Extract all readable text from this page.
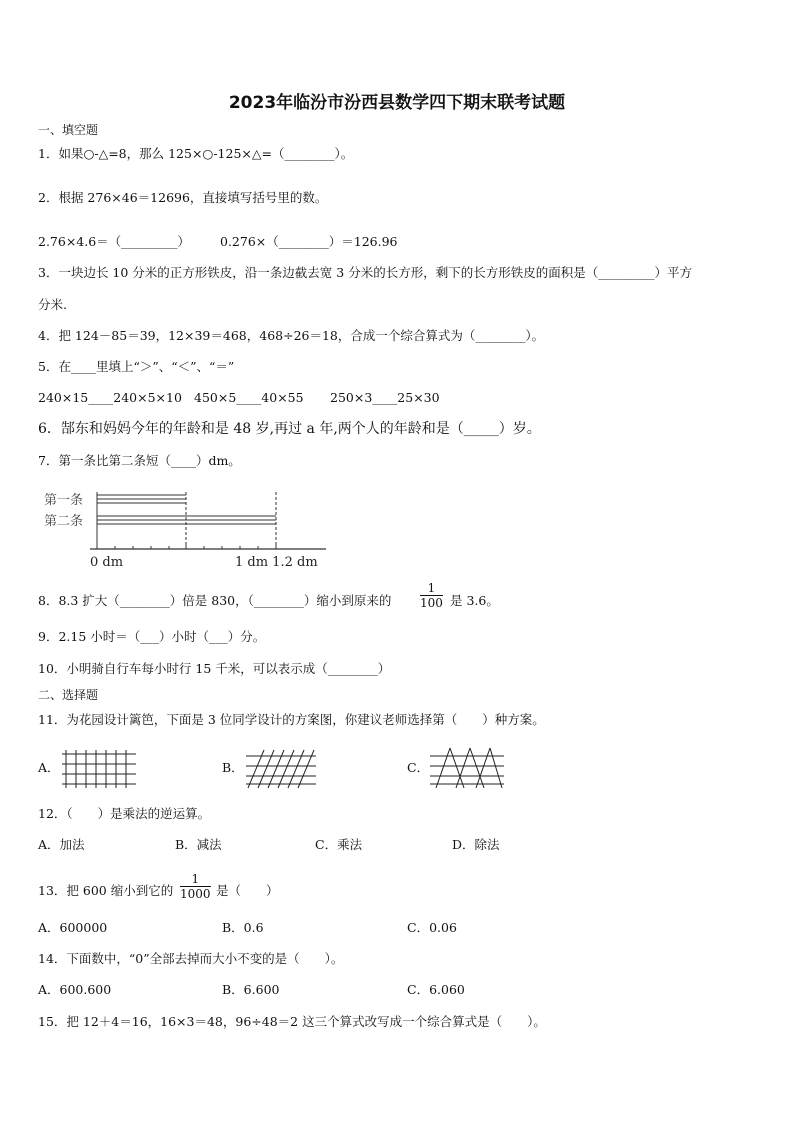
2023年临汾市汾西县数学四下期末联考试题
一、填空题
1．如果○-△=8，那么 125×○-125×△=（________）。
2．根据 276×46＝12696，直接填写括号里的数。
2.76×4.6＝（_________） 0.276×（________）＝126.96
3．一块边长 10 分米的正方形铁皮，沿一条边截去宽 3 分米的长方形，剩下的长方形铁皮的面积是（_________）平方
分米.
4．把 124－85＝39，12×39＝468，468÷26＝18，合成一个综合算式为（________）。
5．在____里填上“＞”、“＜”、“＝”
240×15____240×5×10 450×5____40×55 250×3____25×30
6．郜东和妈妈今年的年龄和是 48 岁,再过 a 年,两个人的年龄和是（_____）岁。
7．第一条比第二条短（____）dm。
第一条
第二条
0 dm	1 dm 1.2 dm
8．8.3 扩大（________）倍是 830，（________）缩小到原来的 $\frac{1}{100}$ 是 3.6。
9．2.15 小时＝（___）小时（___）分。
10．小明骑自行车每小时行 15 千米，可以表示成（________）
二、选择题
11．为花园设计篱笆，下面是 3 位同学设计的方案图，你建议老师选择第（　　）种方案。
A．	B．	C．
12．（　　）是乘法的逆运算。
A．加法	B．减法	C．乘法	D．除法
13．把 600 缩小到它的 $\frac{1}{1000}$ 是（　　）
A．600000	B．0.6	C．0.06
14．下面数中，“0”全部去掉而大小不变的是（　　）。
A．600.600	B．6.600	C．6.060
15．把 12＋4＝16，16×3＝48，96÷48＝2 这三个算式改写成一个综合算式是（　　）。
